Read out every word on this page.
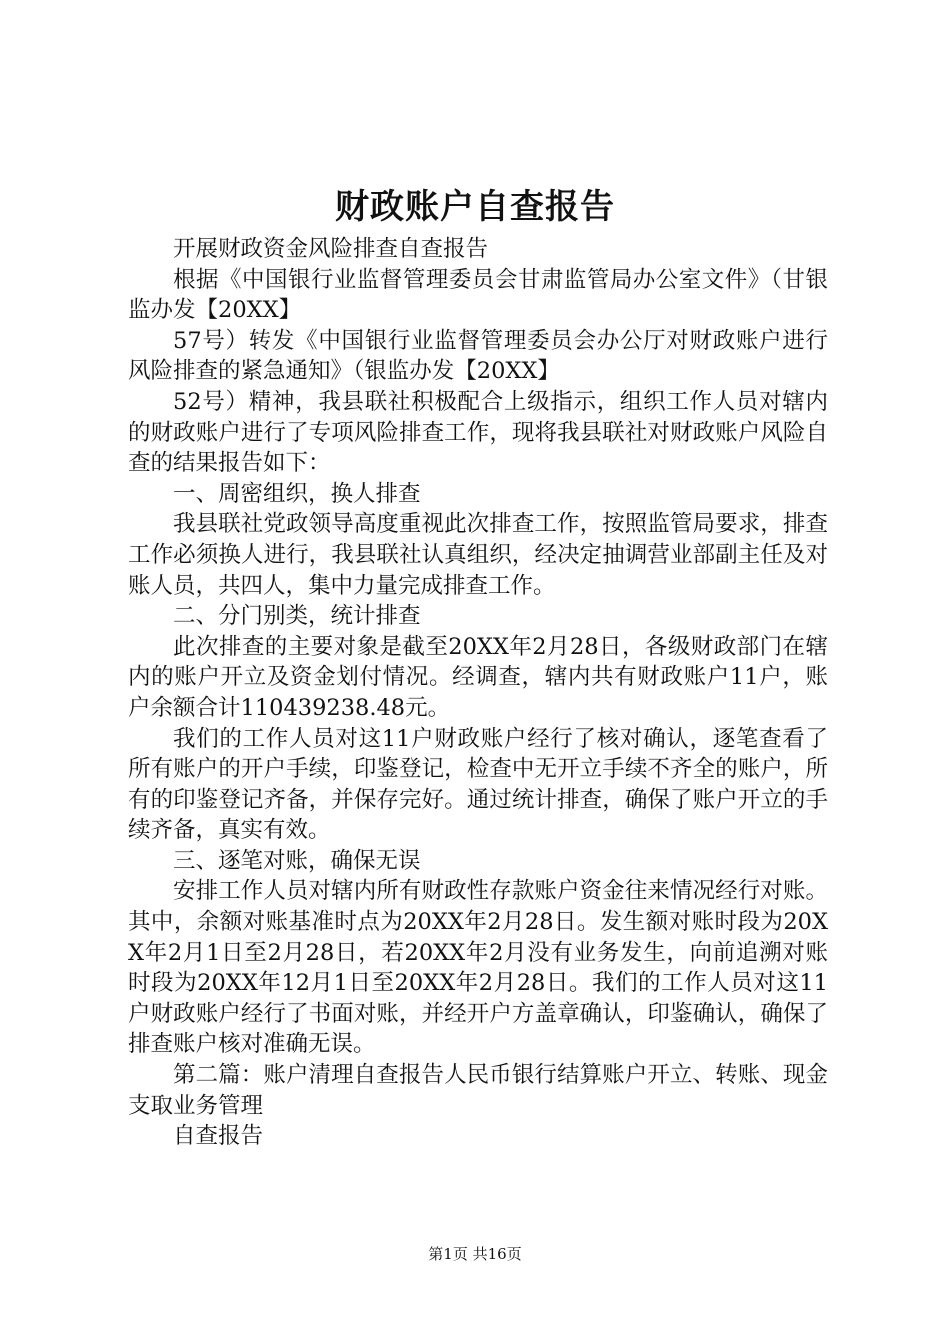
财政账户自查报告

开展财政资金风险排查自查报告

根据《中国银行业监督管理委员会甘肃监管局办公室文件》（甘银监办发【20XX】

57号）转发《中国银行业监督管理委员会办公厅对财政账户进行风险排查的紧急通知》（银监办发【20XX】

52号）精神，我县联社积极配合上级指示，组织工作人员对辖内的财政账户进行了专项风险排查工作，现将我县联社对财政账户风险自查的结果报告如下：

一、周密组织，换人排查

我县联社党政领导高度重视此次排查工作，按照监管局要求，排查工作必须换人进行，我县联社认真组织，经决定抽调营业部副主任及对账人员，共四人，集中力量完成排查工作。

二、分门别类，统计排查

此次排查的主要对象是截至20XX年2月28日，各级财政部门在辖内的账户开立及资金划付情况。经调查，辖内共有财政账户11户，账户余额合计110439238.48元。

我们的工作人员对这11户财政账户经行了核对确认，逐笔查看了所有账户的开户手续，印鉴登记，检查中无开立手续不齐全的账户，所有的印鉴登记齐备，并保存完好。通过统计排查，确保了账户开立的手续齐备，真实有效。

三、逐笔对账，确保无误

安排工作人员对辖内所有财政性存款账户资金往来情况经行对账。其中，余额对账基准时点为20XX年2月28日。发生额对账时段为20XX年2月1日至2月28日，若20XX年2月没有业务发生，向前追溯对账时段为20XX年12月1日至20XX年2月28日。我们的工作人员对这11户财政账户经行了书面对账，并经开户方盖章确认，印鉴确认，确保了排查账户核对准确无误。

第二篇：账户清理自查报告人民币银行结算账户开立、转账、现金支取业务管理

自查报告

第1页 共16页
